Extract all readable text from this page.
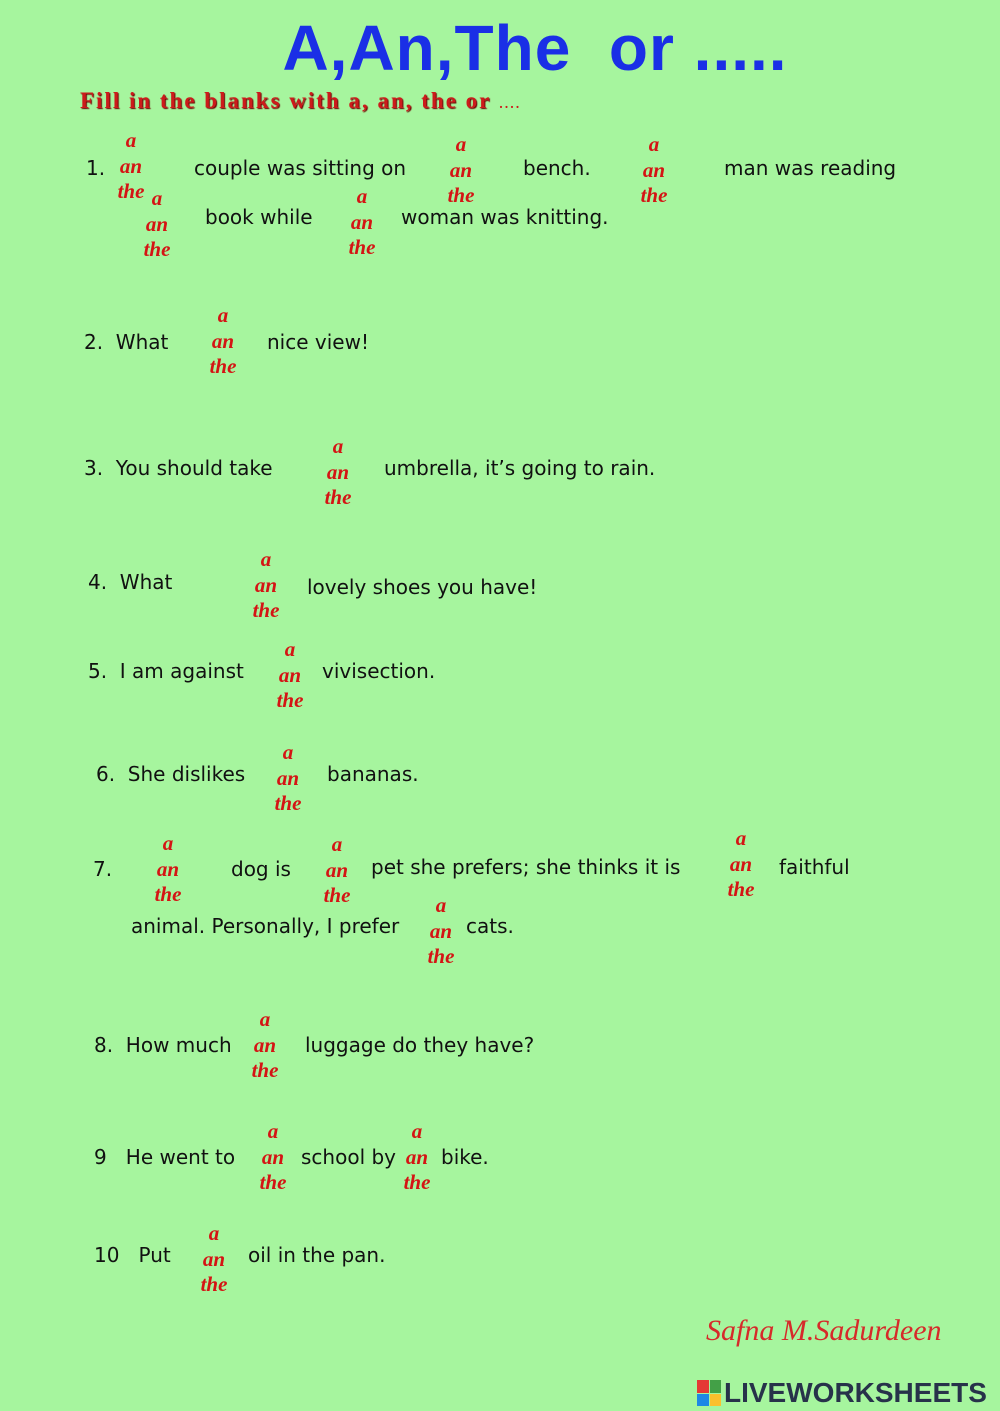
A,An,The  or .....
Fill in the blanks with a, an, the or ....
1.	couple was sitting on	bench.	man was reading
book while	woman was knitting.
2.  What	nice view!
3.  You should take	umbrella, it’s going to rain.
4.  What	lovely shoes you have!
5.  I am against	vivisection.
6.  She dislikes	bananas.
7.	dog is	pet she prefers; she thinks it is	faithful
animal. Personally, I prefer	cats.
8.  How much	luggage do they have?
9   He went to	school by bike.
10   Put	oil in the pan.
a
an
the
a
an
the
a
an
the
a
an
the
a
an
the
a
an
the
a
an
the
a
an
the
a
an
the
a
an
the
a
an
the
a
an
the
a
an
the
a
an
the
a
an
the
a
an
the
a
an
the
a
an
the
Safna M.Sadurdeen
LIVEWORKSHEETS
